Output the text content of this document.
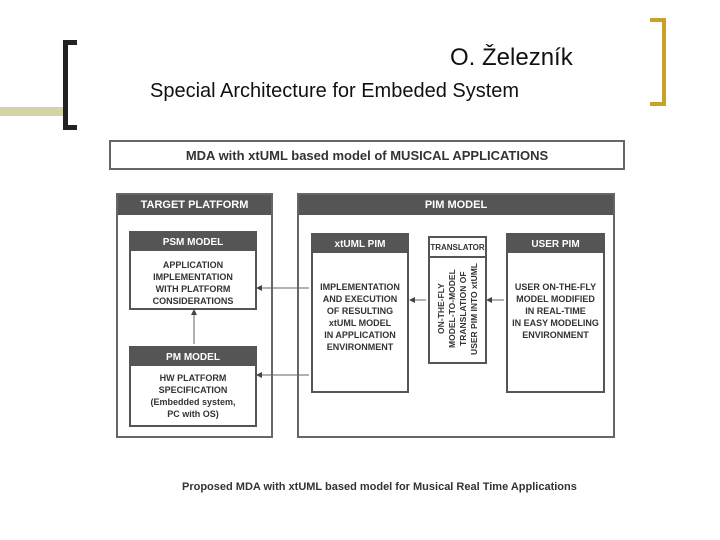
O. Železník
Special Architecture for Embeded System
MDA with xtUML based model of MUSICAL APPLICATIONS
TARGET PLATFORM
PSM MODEL
APPLICATION
IMPLEMENTATION
WITH PLATFORM
CONSIDERATIONS
PM MODEL
HW PLATFORM
SPECIFICATION
(Embedded system,
PC with OS)
PIM MODEL
xtUML PIM
IMPLEMENTATION
AND EXECUTION
OF RESULTING
xtUML MODEL
IN APPLICATION
ENVIRONMENT
TRANSLATOR
ON-THE-FLY
MODEL-TO-MODEL
TRANSLATION OF
USER PIM INTO xtUML
USER PIM
USER ON-THE-FLY
MODEL MODIFIED
IN REAL-TIME
IN EASY MODELING
ENVIRONMENT
Proposed MDA with xtUML based model for Musical Real Time Applications
